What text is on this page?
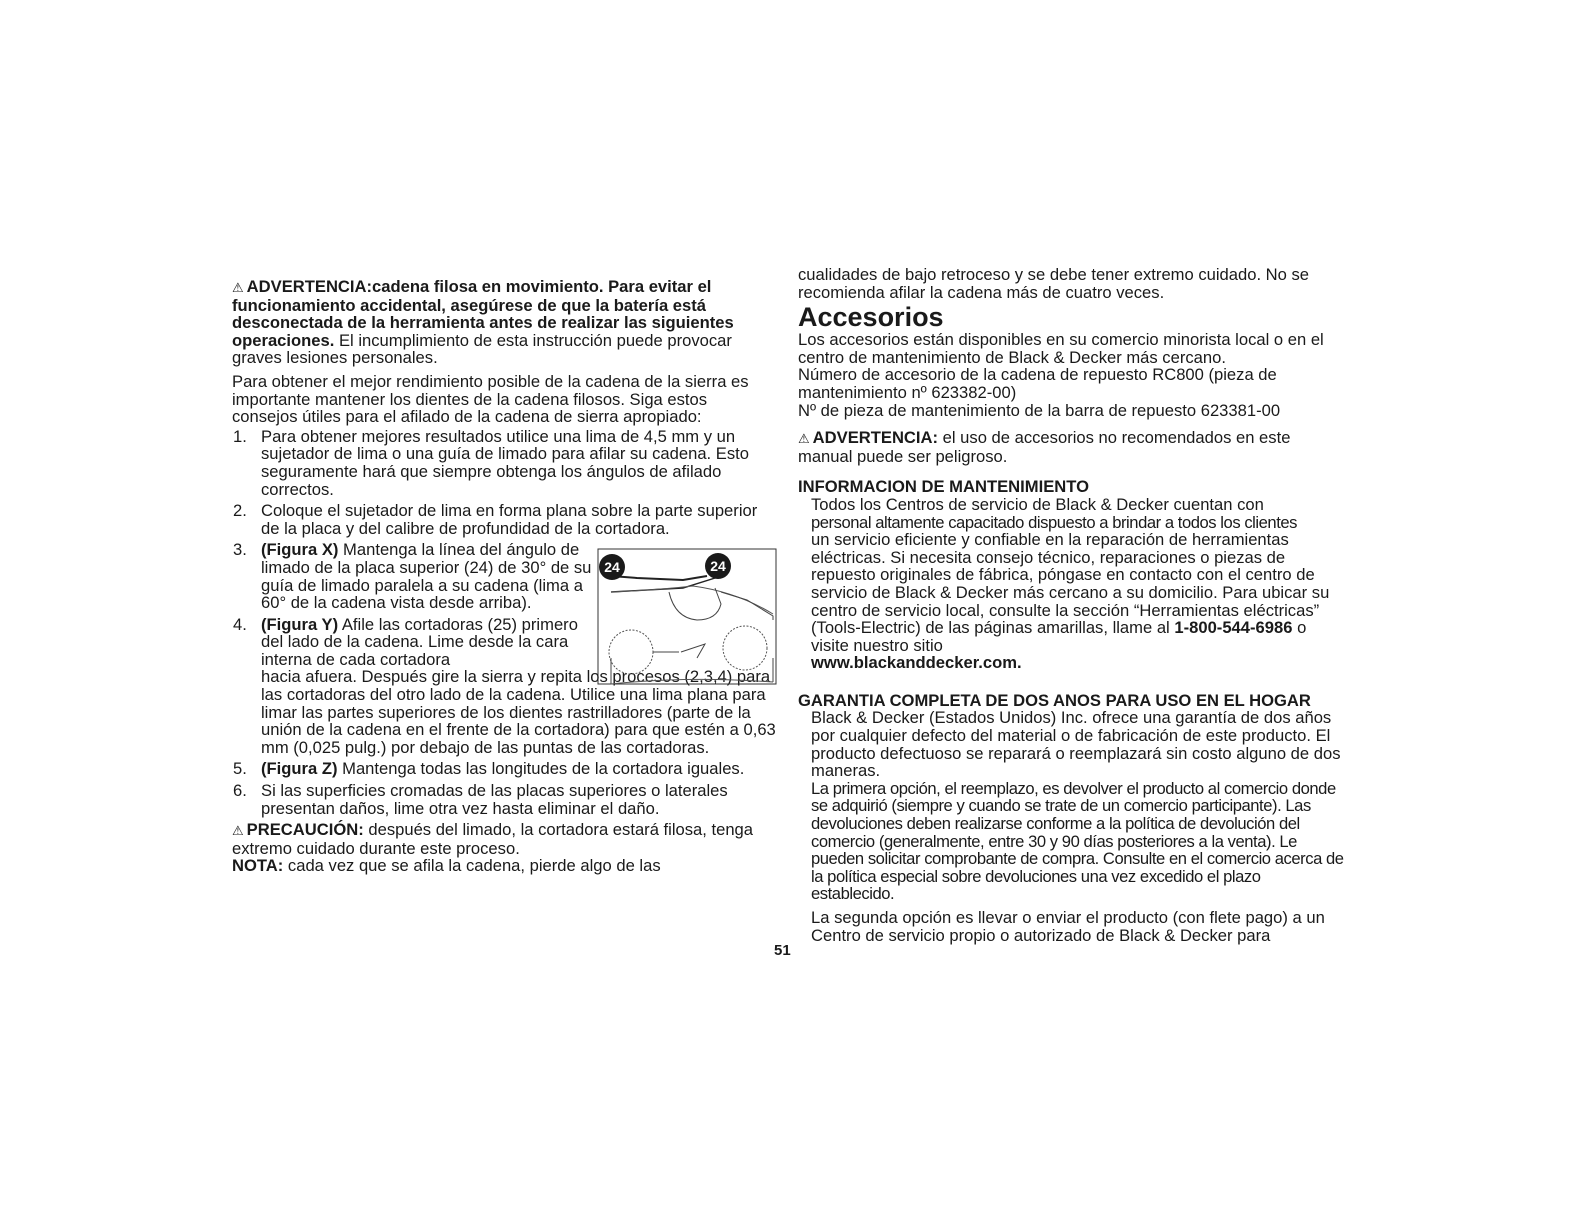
⚠ ADVERTENCIA:cadena filosa en movimiento. Para evitar el funcionamiento accidental, asegúrese de que la batería está desconectada de la herramienta antes de realizar las siguientes operaciones. El incumplimiento de esta instrucción puede provocar graves lesiones personales.

Para obtener el mejor rendimiento posible de la cadena de la sierra es importante mantener los dientes de la cadena filosos. Siga estos consejos útiles para el afilado de la cadena de sierra apropiado:

1. Para obtener mejores resultados utilice una lima de 4,5 mm y un sujetador de lima o una guía de limado para afilar su cadena. Esto seguramente hará que siempre obtenga los ángulos de afilado correctos.
2. Coloque el sujetador de lima en forma plana sobre la parte superior de la placa y del calibre de profundidad de la cortadora.
3. (Figura X) Mantenga la línea del ángulo de limado de la placa superior (24) de 30° de su guía de limado paralela a su cadena (lima a 60° de la cadena vista desde arriba).
4. (Figura Y) Afile las cortadoras (25) primero del lado de la cadena. Lime desde la cara interna de cada cortadora
hacia afuera. Después gire la sierra y repita los procesos (2,3,4) para las cortadoras del otro lado de la cadena. Utilice una lima plana para limar las partes superiores de los dientes rastrilladores (parte de la unión de la cadena en el frente de la cortadora) para que estén a 0,63 mm (0,025 pulg.) por debajo de las puntas de las cortadoras.
5. (Figura Z) Mantenga todas las longitudes de la cortadora iguales.
6. Si las superficies cromadas de las placas superiores o laterales presentan daños, lime otra vez hasta eliminar el daño.

⚠ PRECAUCIÓN: después del limado, la cortadora estará filosa, tenga extremo cuidado durante este proceso.

NOTA: cada vez que se afila la cadena, pierde algo de las

24	24

cualidades de bajo retroceso y se debe tener extremo cuidado. No se recomienda afilar la cadena más de cuatro veces.

Accesorios

Los accesorios están disponibles en su comercio minorista local o en el centro de mantenimiento de Black & Decker más cercano.

Número de accesorio de la cadena de repuesto RC800 (pieza de mantenimiento nº 623382-00)

Nº de pieza de mantenimiento de la barra de repuesto 623381-00

⚠ ADVERTENCIA: el uso de accesorios no recomendados en este manual puede ser peligroso.

INFORMACION DE MANTENIMIENTO

Todos los Centros de servicio de Black & Decker cuentan con

personal altamente capacitado dispuesto a brindar a todos los clientes

un servicio eficiente y confiable en la reparación de herramientas eléctricas. Si necesita consejo técnico, reparaciones o piezas de repuesto originales de fábrica, póngase en contacto con el centro de servicio de Black & Decker más cercano a su domicilio. Para ubicar su centro de servicio local, consulte la sección “Herramientas eléctricas” (Tools-Electric) de las páginas amarillas, llame al 1-800-544-6986 o visite nuestro sitio

www.blackanddecker.com.

GARANTIA COMPLETA DE DOS ANOS PARA USO EN EL HOGAR

Black & Decker (Estados Unidos) Inc. ofrece una garantía de dos años por cualquier defecto del material o de fabricación de este producto. El producto defectuoso se reparará o reemplazará sin costo alguno de dos maneras.

La primera opción, el reemplazo, es devolver el producto al comercio donde se adquirió (siempre y cuando se trate de un comercio participante). Las devoluciones deben realizarse conforme a la política de devolución del comercio (generalmente, entre 30 y 90 días posteriores a la venta). Le pueden solicitar comprobante de compra. Consulte en el comercio acerca de la política especial sobre devoluciones una vez excedido el plazo establecido.

La segunda opción es llevar o enviar el producto (con flete pago) a un Centro de servicio propio o autorizado de Black & Decker para

51
